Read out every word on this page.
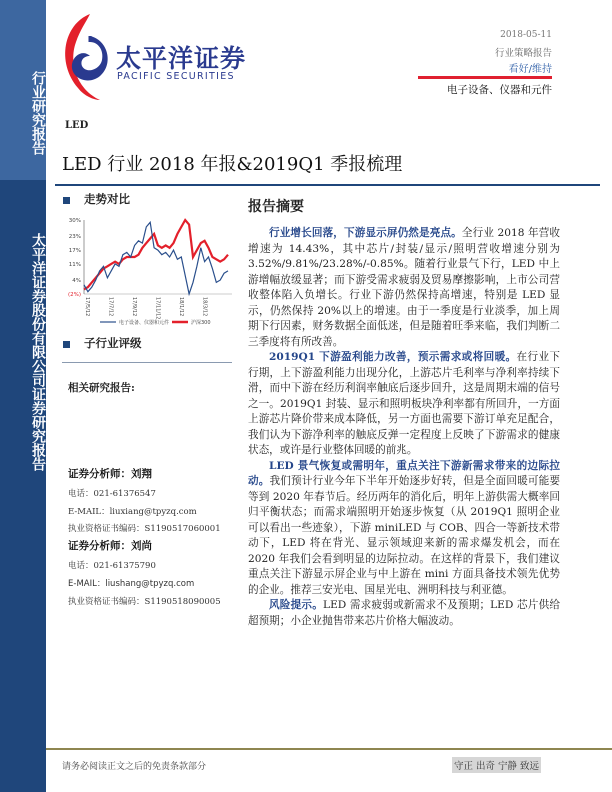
行业研究报告
太平洋证券股份有限公司证券研究报告
太平洋证券
PACIFIC SECURITIES
2018-05-11
行业策略报告
看好/维持
电子设备、仪器和元件
LED
LED 行业 2018 年报&2019Q1 季报梳理
走势对比
30%
23%
17%
11%
4%
(2%)
17/5/12	17/7/12	17/9/12	17/11/12	18/1/12	18/3/12
电子设备、仪器和元件	沪深300
子行业评级
相关研究报告:
证券分析师：刘翔
电话：021-61376547
E-MAIL：liuxiang@tpyzq.com
执业资格证书编码：S1190517060001
证券分析师：刘尚
电话：021-61375790
E-MAIL：liushang@tpyzq.com
执业资格证书编码：S1190518090005
报告摘要

行业增长回落，下游显示屏仍然是亮点。全行业 2018 年营收增速为 14.43%，其中芯片/封装/显示/照明营收增速分别为 3.52%/9.81%/23.28%/-0.85%。随着行业景气下行，LED 中上游增幅放缓显著；而下游受需求疲弱及贸易摩擦影响，上市公司营收整体陷入负增长。行业下游仍然保持高增速，特别是 LED 显示，仍然保持 20%以上的增速。由于一季度是行业淡季，加上周期下行因素，财务数据全面低迷，但是随着旺季来临，我们判断二三季度将有所改善。

2019Q1 下游盈利能力改善，预示需求或将回暖。在行业下行期，上下游盈利能力出现分化，上游芯片毛利率与净利率持续下滑，而中下游在经历利润率触底后逐步回升，这是周期末端的信号之一。2019Q1 封装、显示和照明板块净利率都有所回升，一方面上游芯片降价带来成本降低，另一方面也需要下游订单充足配合，我们认为下游净利率的触底反弹一定程度上反映了下游需求的健康状态，或许是行业整体回暖的前兆。

LED 景气恢复或需明年，重点关注下游新需求带来的边际拉动。我们预计行业今年下半年开始逐步好转，但是全面回暖可能要等到 2020 年春节后。经历两年的消化后，明年上游供需大概率回归平衡状态；而需求端照明开始逐步恢复（从 2019Q1 照明企业可以看出一些迹象），下游 miniLED 与 COB、四合一等新技术带动下，LED 将在背光、显示领域迎来新的需求爆发机会，而在 2020 年我们会看到明显的边际拉动。在这样的背景下，我们建议重点关注下游显示屏企业与中上游在 mini 方面具备技术领先优势的企业。推荐三安光电、国星光电、洲明科技与利亚德。

风险提示。LED 需求疲弱或新需求不及预期；LED 芯片供给超预期；小企业抛售带来芯片价格大幅波动。

请务必阅读正文之后的免责条款部分	守正 出奇 宁静 致远
